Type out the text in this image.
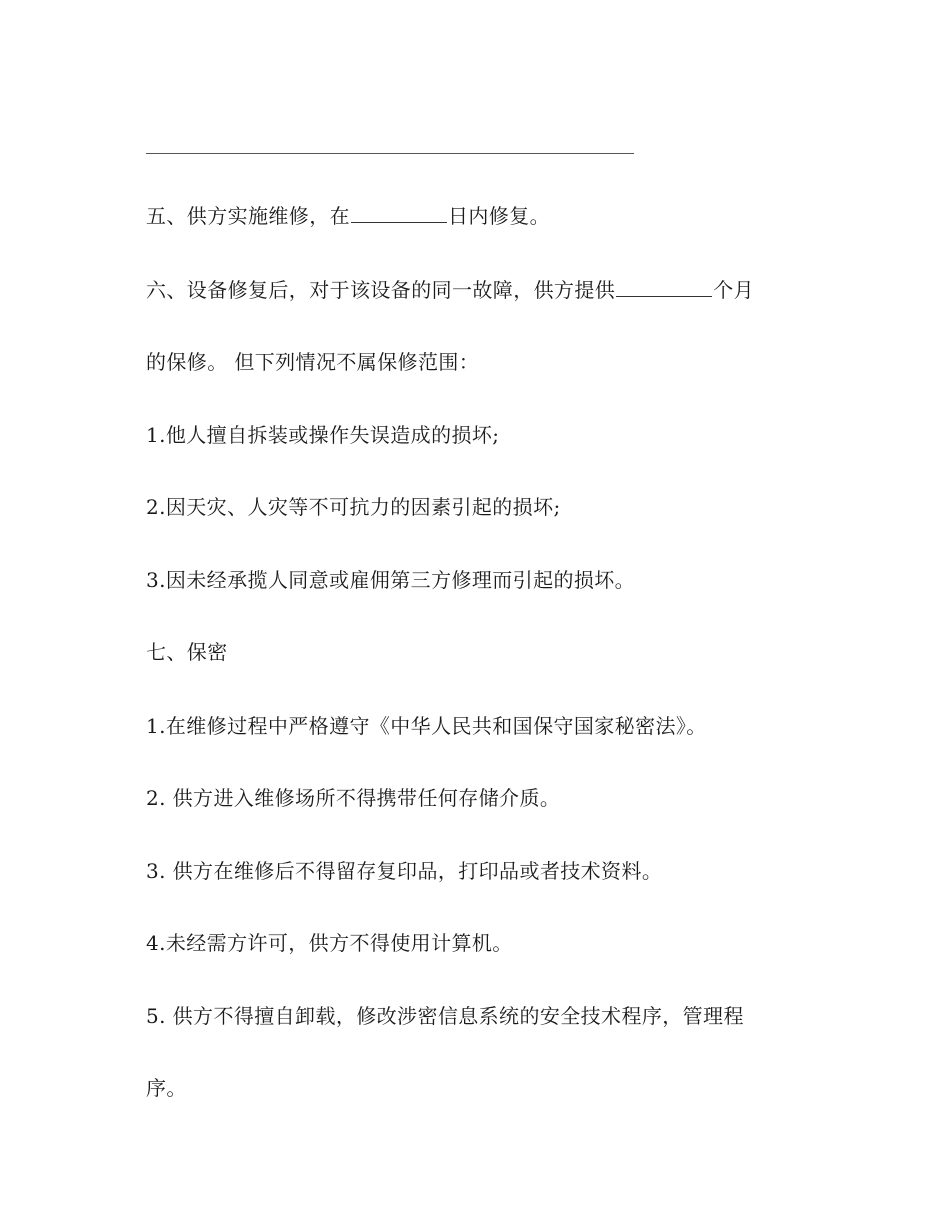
五、供方实施维修，在	日内修复。
六、设备修复后，对于该设备的同一故障，供方提供	个月
的保修。 但下列情况不属保修范围：
1.他人擅自拆装或操作失误造成的损坏;
2.因天灾、人灾等不可抗力的因素引起的损坏;
3.因未经承揽人同意或雇佣第三方修理而引起的损坏。
七、保密
1.在维修过程中严格遵守《中华人民共和国保守国家秘密法》。
2. 供方进入维修场所不得携带任何存储介质。
3. 供方在维修后不得留存复印品，打印品或者技术资料。
4.未经需方许可，供方不得使用计算机。
5. 供方不得擅自卸载，修改涉密信息系统的安全技术程序，管理程
序。
